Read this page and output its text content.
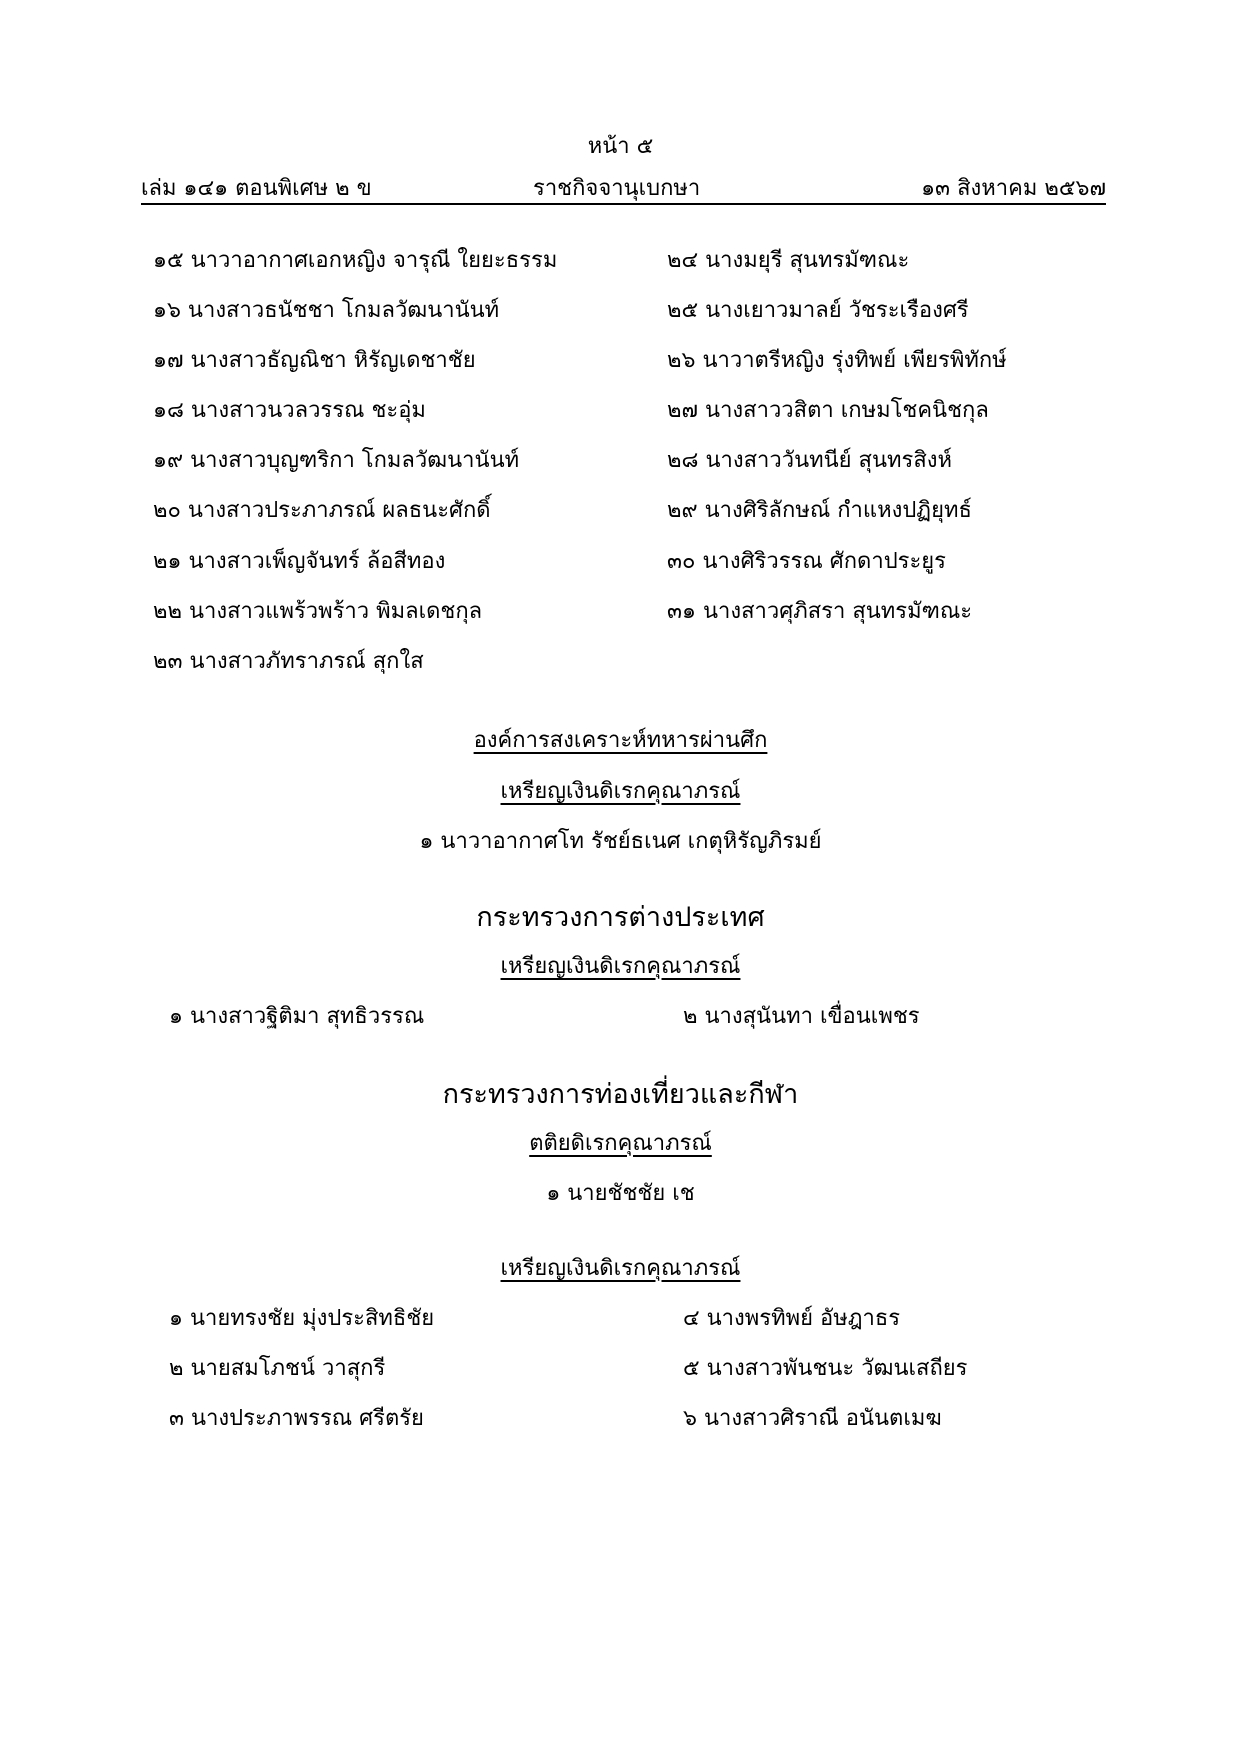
หน้า ๕
เล่ม ๑๔๑ ตอนพิเศษ ๒ ข	ราชกิจจานุเบกษา	๑๓ สิงหาคม ๒๕๖๗
๑๕ นาวาอากาศเอกหญิง จารุณี ใยยะธรรม
๑๖ นางสาวธนัชชา โกมลวัฒนานันท์
๑๗ นางสาวธัญณิชา หิรัญเดชาชัย
๑๘ นางสาวนวลวรรณ ชะอุ่ม
๑๙ นางสาวบุญฑริกา โกมลวัฒนานันท์
๒๐ นางสาวประภาภรณ์ ผลธนะศักดิ์
๒๑ นางสาวเพ็ญจันทร์ ล้อสีทอง
๒๒ นางสาวแพร้วพร้าว พิมลเดชกุล
๒๓ นางสาวภัทราภรณ์ สุกใส
๒๔ นางมยุรี สุนทรมัฑณะ
๒๕ นางเยาวมาลย์ วัชระเรืองศรี
๒๖ นาวาตรีหญิง รุ่งทิพย์ เพียรพิทักษ์
๒๗ นางสาววสิตา เกษมโชคนิชกุล
๒๘ นางสาววันทนีย์ สุนทรสิงห์
๒๙ นางศิริลักษณ์ กำแหงปฏิยุทธ์
๓๐ นางศิริวรรณ ศักดาประยูร
๓๑ นางสาวศุภิสรา สุนทรมัฑณะ
องค์การสงเคราะห์ทหารผ่านศึก
เหรียญเงินดิเรกคุณาภรณ์
๑ นาวาอากาศโท รัชย์ธเนศ เกตุหิรัญภิรมย์
กระทรวงการต่างประเทศ
เหรียญเงินดิเรกคุณาภรณ์
๑ นางสาวฐิติมา สุทธิวรรณ	๒ นางสุนันทา เขื่อนเพชร
กระทรวงการท่องเที่ยวและกีฬา
ตติยดิเรกคุณาภรณ์
๑ นายชัชชัย เช
เหรียญเงินดิเรกคุณาภรณ์
๑ นายทรงชัย มุ่งประสิทธิชัย
๒ นายสมโภชน์ วาสุกรี
๓ นางประภาพรรณ ศรีตรัย
๔ นางพรทิพย์ อัษฎาธร
๕ นางสาวพันชนะ วัฒนเสถียร
๖ นางสาวศิราณี อนันตเมฆ
